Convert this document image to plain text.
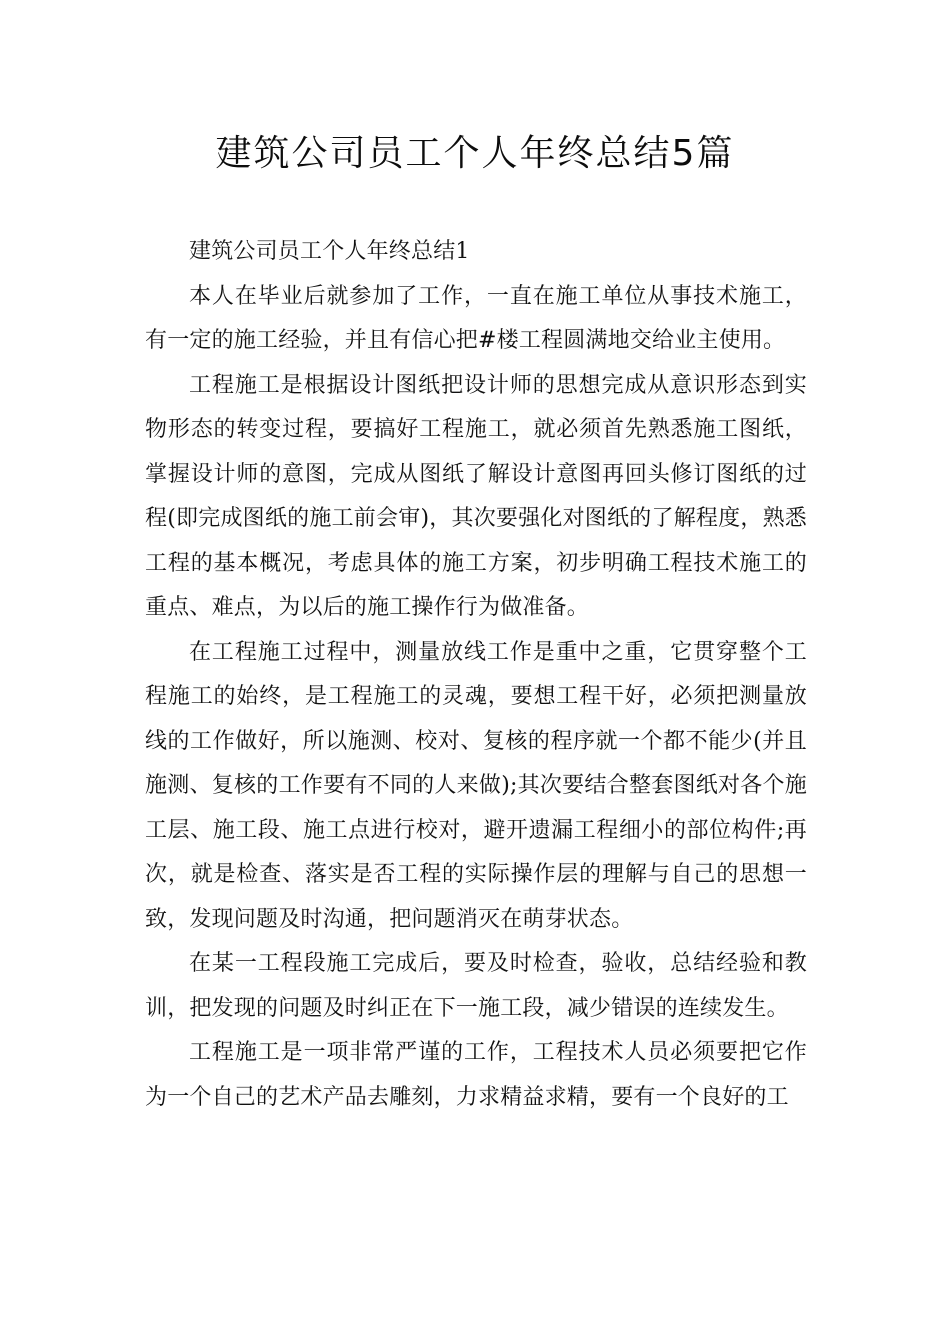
建筑公司员工个人年终总结5篇

建筑公司员工个人年终总结1

本人在毕业后就参加了工作，一直在施工单位从事技术施工，有一定的施工经验，并且有信心把#楼工程圆满地交给业主使用。

工程施工是根据设计图纸把设计师的思想完成从意识形态到实物形态的转变过程，要搞好工程施工，就必须首先熟悉施工图纸，掌握设计师的意图，完成从图纸了解设计意图再回头修订图纸的过程(即完成图纸的施工前会审)，其次要强化对图纸的了解程度，熟悉工程的基本概况，考虑具体的施工方案，初步明确工程技术施工的重点、难点，为以后的施工操作行为做准备。

在工程施工过程中，测量放线工作是重中之重，它贯穿整个工程施工的始终，是工程施工的灵魂，要想工程干好，必须把测量放线的工作做好，所以施测、校对、复核的程序就一个都不能少(并且施测、复核的工作要有不同的人来做);其次要结合整套图纸对各个施工层、施工段、施工点进行校对，避开遗漏工程细小的部位构件;再次，就是检查、落实是否工程的实际操作层的理解与自己的思想一致，发现问题及时沟通，把问题消灭在萌芽状态。

在某一工程段施工完成后，要及时检查，验收，总结经验和教训，把发现的问题及时纠正在下一施工段，减少错误的连续发生。

工程施工是一项非常严谨的工作，工程技术人员必须要把它作为一个自己的艺术产品去雕刻，力求精益求精，要有一个良好的工
